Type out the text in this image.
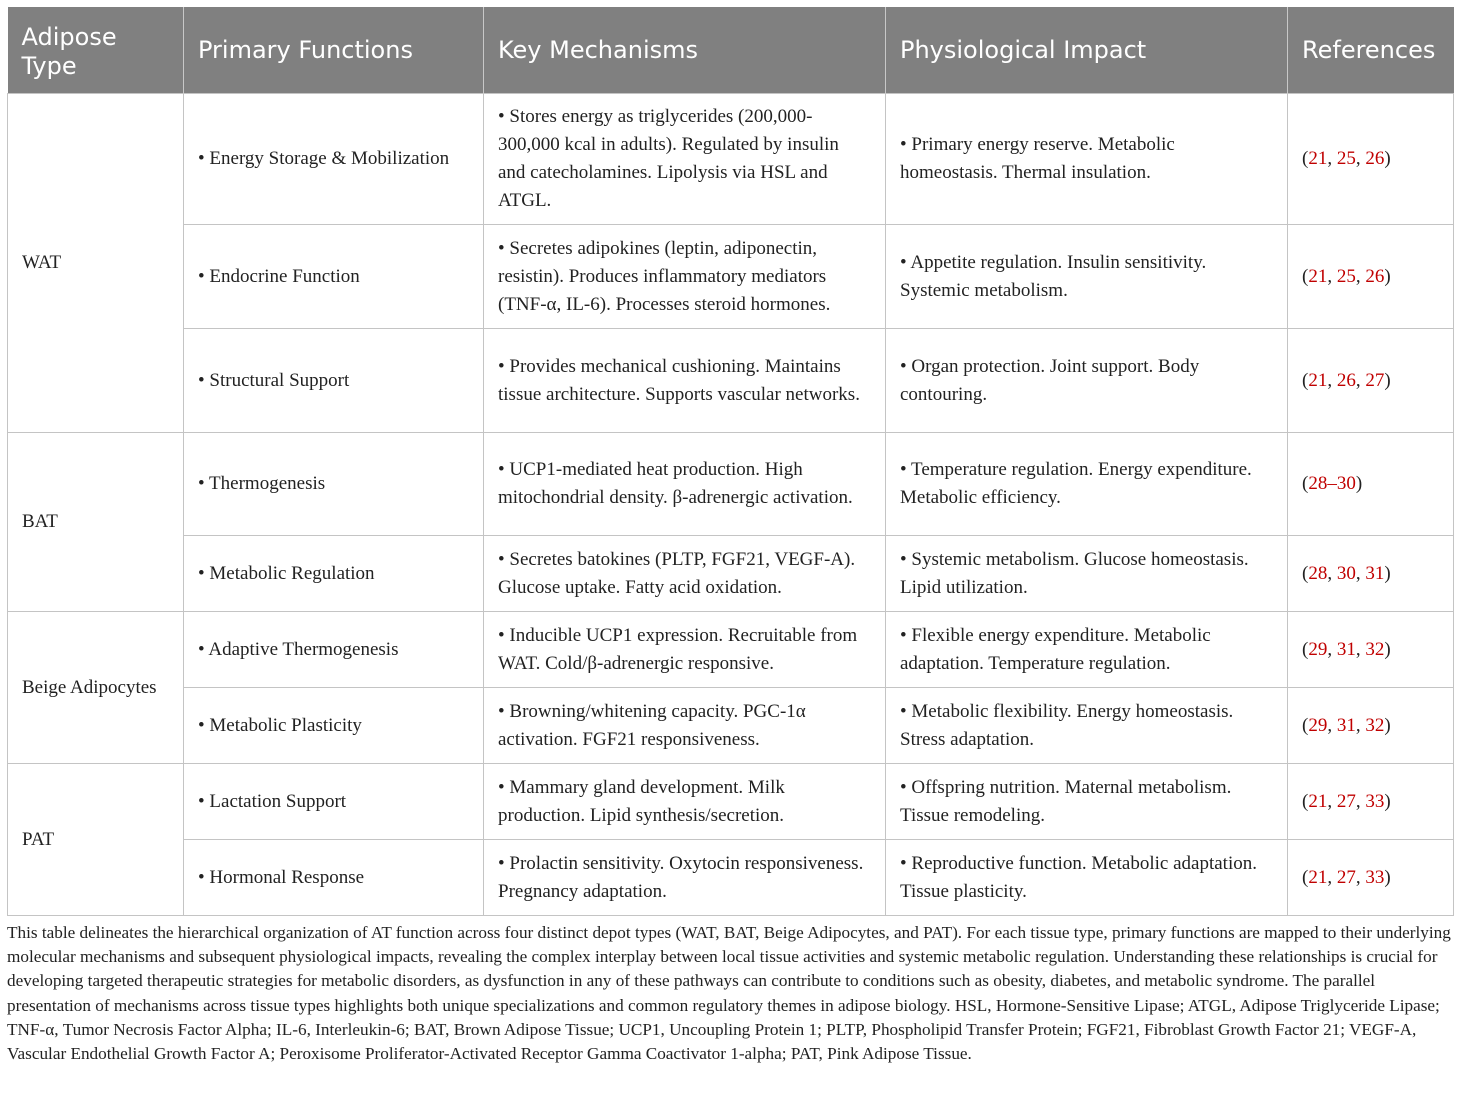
Adipose Type	Primary Functions	Key Mechanisms	Physiological Impact	References
WAT	• Energy Storage & Mobilization	• Stores energy as triglycerides (200,000-300,000 kcal in adults). Regulated by insulin and catecholamines. Lipolysis via HSL and ATGL.	• Primary energy reserve. Metabolic homeostasis. Thermal insulation.	(21, 25, 26)
	• Endocrine Function	• Secretes adipokines (leptin, adiponectin, resistin). Produces inflammatory mediators (TNF-α, IL-6). Processes steroid hormones.	• Appetite regulation. Insulin sensitivity. Systemic metabolism.	(21, 25, 26)
	• Structural Support	• Provides mechanical cushioning. Maintains tissue architecture. Supports vascular networks.	• Organ protection. Joint support. Body contouring.	(21, 26, 27)
BAT	• Thermogenesis	• UCP1-mediated heat production. High mitochondrial density. β-adrenergic activation.	• Temperature regulation. Energy expenditure. Metabolic efficiency.	(28–30)
	• Metabolic Regulation	• Secretes batokines (PLTP, FGF21, VEGF-A). Glucose uptake. Fatty acid oxidation.	• Systemic metabolism. Glucose homeostasis. Lipid utilization.	(28, 30, 31)
Beige Adipocytes	• Adaptive Thermogenesis	• Inducible UCP1 expression. Recruitable from WAT. Cold/β-adrenergic responsive.	• Flexible energy expenditure. Metabolic adaptation. Temperature regulation.	(29, 31, 32)
	• Metabolic Plasticity	• Browning/whitening capacity. PGC-1α activation. FGF21 responsiveness.	• Metabolic flexibility. Energy homeostasis. Stress adaptation.	(29, 31, 32)
PAT	• Lactation Support	• Mammary gland development. Milk production. Lipid synthesis/secretion.	• Offspring nutrition. Maternal metabolism. Tissue remodeling.	(21, 27, 33)
	• Hormonal Response	• Prolactin sensitivity. Oxytocin responsiveness. Pregnancy adaptation.	• Reproductive function. Metabolic adaptation. Tissue plasticity.	(21, 27, 33)
This table delineates the hierarchical organization of AT function across four distinct depot types (WAT, BAT, Beige Adipocytes, and PAT). For each tissue type, primary functions are mapped to their underlying molecular mechanisms and subsequent physiological impacts, revealing the complex interplay between local tissue activities and systemic metabolic regulation. Understanding these relationships is crucial for developing targeted therapeutic strategies for metabolic disorders, as dysfunction in any of these pathways can contribute to conditions such as obesity, diabetes, and metabolic syndrome. The parallel presentation of mechanisms across tissue types highlights both unique specializations and common regulatory themes in adipose biology. HSL, Hormone-Sensitive Lipase; ATGL, Adipose Triglyceride Lipase; TNF-α, Tumor Necrosis Factor Alpha; IL-6, Interleukin-6; BAT, Brown Adipose Tissue; UCP1, Uncoupling Protein 1; PLTP, Phospholipid Transfer Protein; FGF21, Fibroblast Growth Factor 21; VEGF-A, Vascular Endothelial Growth Factor A; Peroxisome Proliferator-Activated Receptor Gamma Coactivator 1-alpha; PAT, Pink Adipose Tissue.
